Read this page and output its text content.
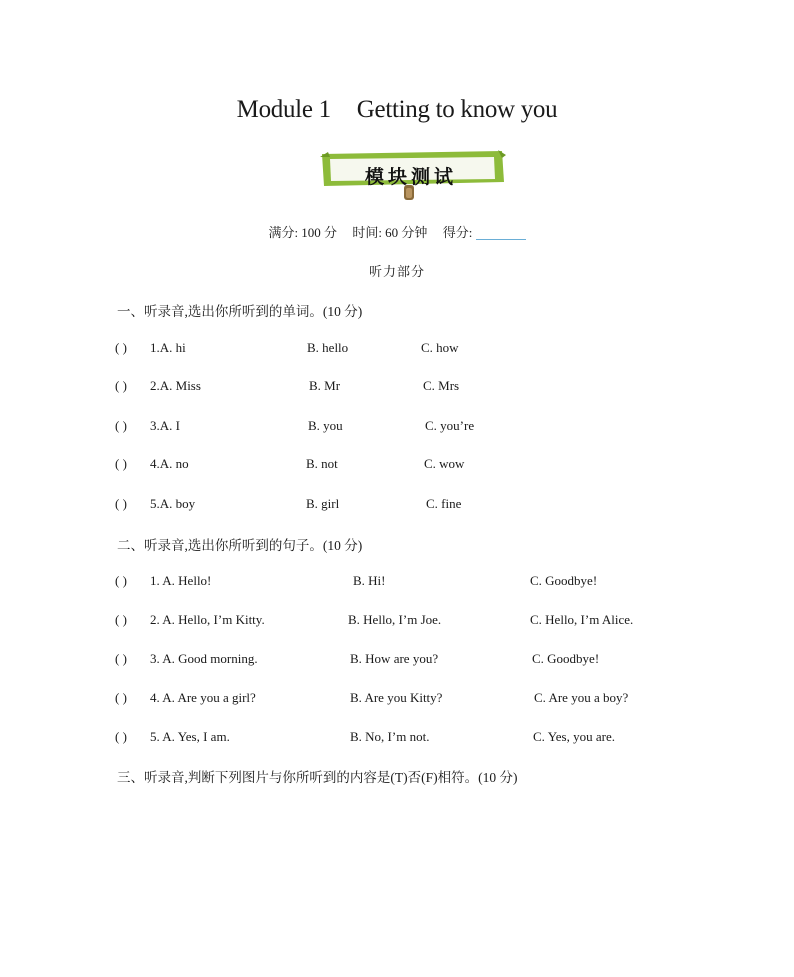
Module 1 Getting to know you
模块测试
满分: 100 分 时间: 60 分钟 得分:
听力部分
一、听录音,选出你所听到的单词。(10 分)
( ) 1.A. hi	B. hello	C. how
( ) 2.A. Miss	B. Mr	C. Mrs
( ) 3.A. I	B. you	C. you’re
( ) 4.A. no	B. not	C. wow
( ) 5.A. boy	B. girl	C. fine
二、听录音,选出你所听到的句子。(10 分)
( ) 1. A. Hello!	B. Hi!	C. Goodbye!
( ) 2. A. Hello, I’m Kitty.	B. Hello, I’m Joe.	C. Hello, I’m Alice.
( ) 3. A. Good morning.	B. How are you?	C. Goodbye!
( ) 4. A. Are you a girl?	B. Are you Kitty?	C. Are you a boy?
( ) 5. A. Yes, I am.	B. No, I’m not.	C. Yes, you are.
三、听录音,判断下列图片与你所听到的内容是(T)否(F)相符。(10 分)
